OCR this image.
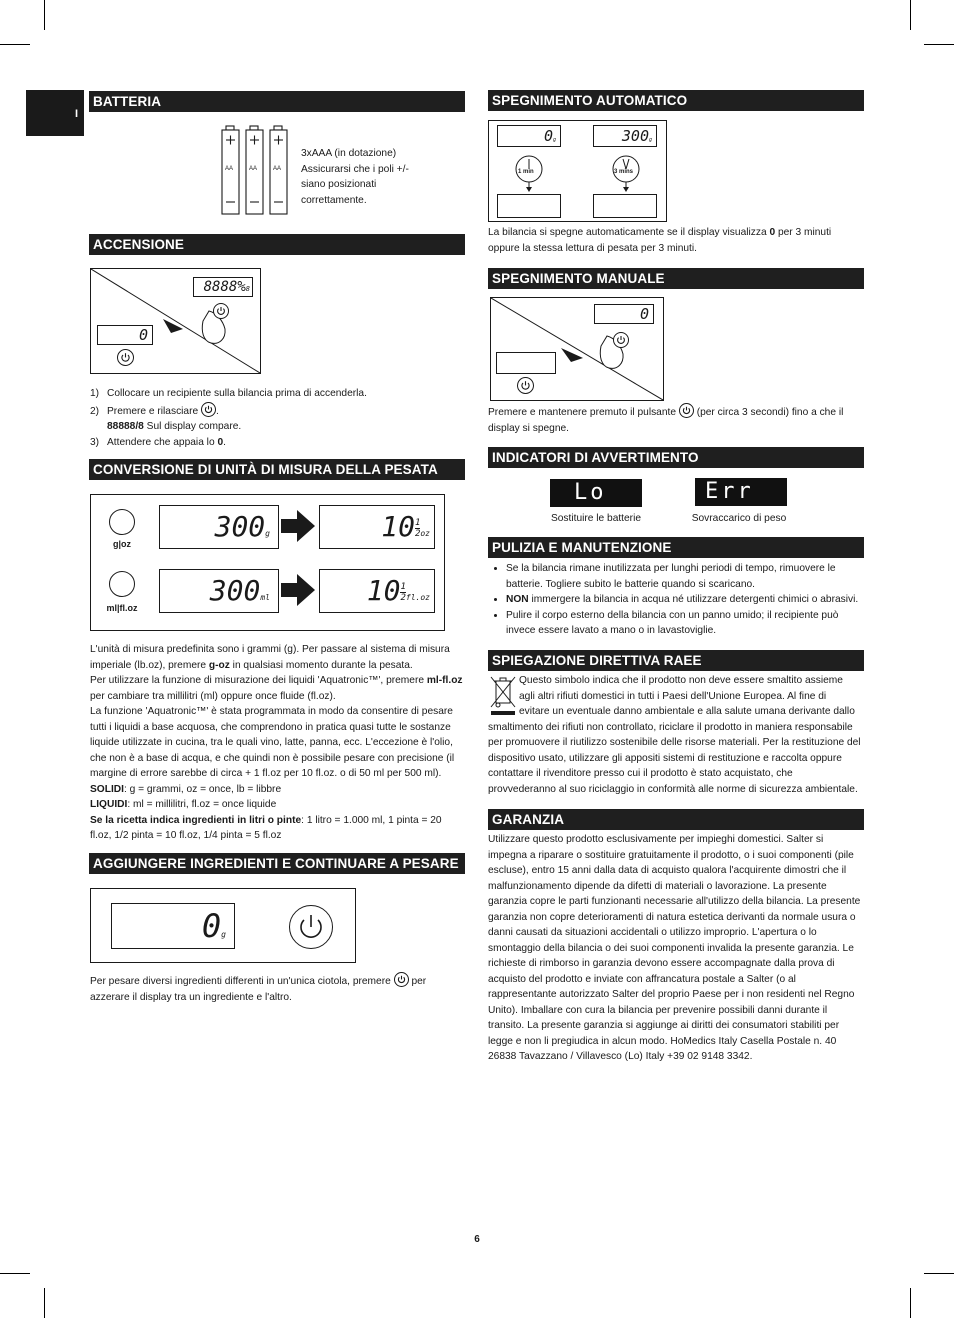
I
BATTERIA
AA	AA	AA
3xAAA (in dotazione)
Assicurarsi che i poli +/-
siano posizionati
correttamente.
ACCENSIONE
8888%8
0
1) Collocare un recipiente sulla bilancia prima di accenderla.
2) Premere e rilasciare .
88888/8 Sul display compare.
3) Attendere che appaia lo 0.
CONVERSIONE DI UNITÀ DI MISURA DELLA PESATA
g|oz
300g	$10 \frac{1}{2}$ oz
ml|fl.oz
300ml	$10 \frac{1}{2} fl.oz$
L'unità di misura predefinita sono i grammi (g). Per passare al sistema di misura imperiale (lb.oz), premere g-oz in qualsiasi momento durante la pesata.
Per utilizzare la funzione di misurazione dei liquidi 'Aquatronic™', premere ml-fl.oz per cambiare tra millilitri (ml) oppure once fluide (fl.oz).
La funzione 'Aquatronic™' è stata programmata in modo da consentire di pesare tutti i liquidi a base acquosa, che comprendono in pratica quasi tutte le sostanze liquide utilizzate in cucina, tra le quali vino, latte, panna, ecc. L'eccezione è l'olio, che non è a base di acqua, e che quindi non è possibile pesare con precisione (il margine di errore sarebbe di circa + 1 fl.oz per 10 fl.oz. o di 50 ml per 500 ml).
SOLIDI: g = grammi, oz = once, lb = libbre
LIQUIDI: ml = millilitri, fl.oz = once liquide
Se la ricetta indica ingredienti in litri o pinte: 1 litro = 1.000 ml, 1 pinta = 20 fl.oz, 1/2 pinta = 10 fl.oz, 1/4 pinta = 5 fl.oz
AGGIUNGERE INGREDIENTI E CONTINUARE A PESARE
0g
Per pesare diversi ingredienti differenti in un'unica ciotola, premere per azzerare il display tra un ingrediente e l'altro.
SPEGNIMENTO AUTOMATICO
0g	300g
1 min	3 mins
La bilancia si spegne automaticamente se il display visualizza 0 per 3 minuti oppure la stessa lettura di pesata per 3 minuti.
SPEGNIMENTO MANUALE
0
Premere e mantenere premuto il pulsante (per circa 3 secondi) fino a che il display si spegne.
INDICATORI DI AVVERTIMENTO
Lo	Err
Sostituire le batterie	Sovraccarico di peso
PULIZIA E MANUTENZIONE
• Se la bilancia rimane inutilizzata per lunghi periodi di tempo, rimuovere le batterie. Togliere subito le batterie quando si scaricano.
• NON immergere la bilancia in acqua né utilizzare detergenti chimici o abrasivi.
• Pulire il corpo esterno della bilancia con un panno umido; il recipiente può invece essere lavato a mano o in lavastoviglie.
SPIEGAZIONE DIRETTIVA RAEE
Questo simbolo indica che il prodotto non deve essere smaltito assieme
agli altri rifiuti domestici in tutti i Paesi dell'Unione Europea. Al fine di
evitare un eventuale danno ambientale e alla salute umana derivante dallo
smaltimento dei rifiuti non controllato, riciclare il prodotto in maniera responsabile per promuovere il riutilizzo sostenibile delle risorse materiali. Per la restituzione del dispositivo usato, utilizzare gli appositi sistemi di restituzione e raccolta oppure contattare il rivenditore presso cui il prodotto è stato acquistato, che provvederanno al suo riciclaggio in conformità alle norme di sicurezza ambientale.
GARANZIA
Utilizzare questo prodotto esclusivamente per impieghi domestici. Salter si impegna a riparare o sostituire gratuitamente il prodotto, o i suoi componenti (pile escluse), entro 15 anni dalla data di acquisto qualora l'acquirente dimostri che il malfunzionamento dipende da difetti di materiali o lavorazione. La presente garanzia copre le parti funzionanti necessarie all'utilizzo della bilancia. La presente garanzia non copre deterioramenti di natura estetica derivanti da normale usura o danni causati da situazioni accidentali o utilizzo improprio. L'apertura o lo smontaggio della bilancia o dei suoi componenti invalida la presente garanzia. Le richieste di rimborso in garanzia devono essere accompagnate dalla prova di acquisto del prodotto e inviate con affrancatura postale a Salter (o al rappresentante autorizzato Salter del proprio Paese per i non residenti nel Regno Unito). Imballare con cura la bilancia per prevenire possibili danni durante il transito. La presente garanzia si aggiunge ai diritti dei consumatori stabiliti per legge e non li pregiudica in alcun modo. HoMedics Italy Casella Postale n. 40 26838 Tavazzano / Villavesco (Lo) Italy +39 02 9148 3342.
6
